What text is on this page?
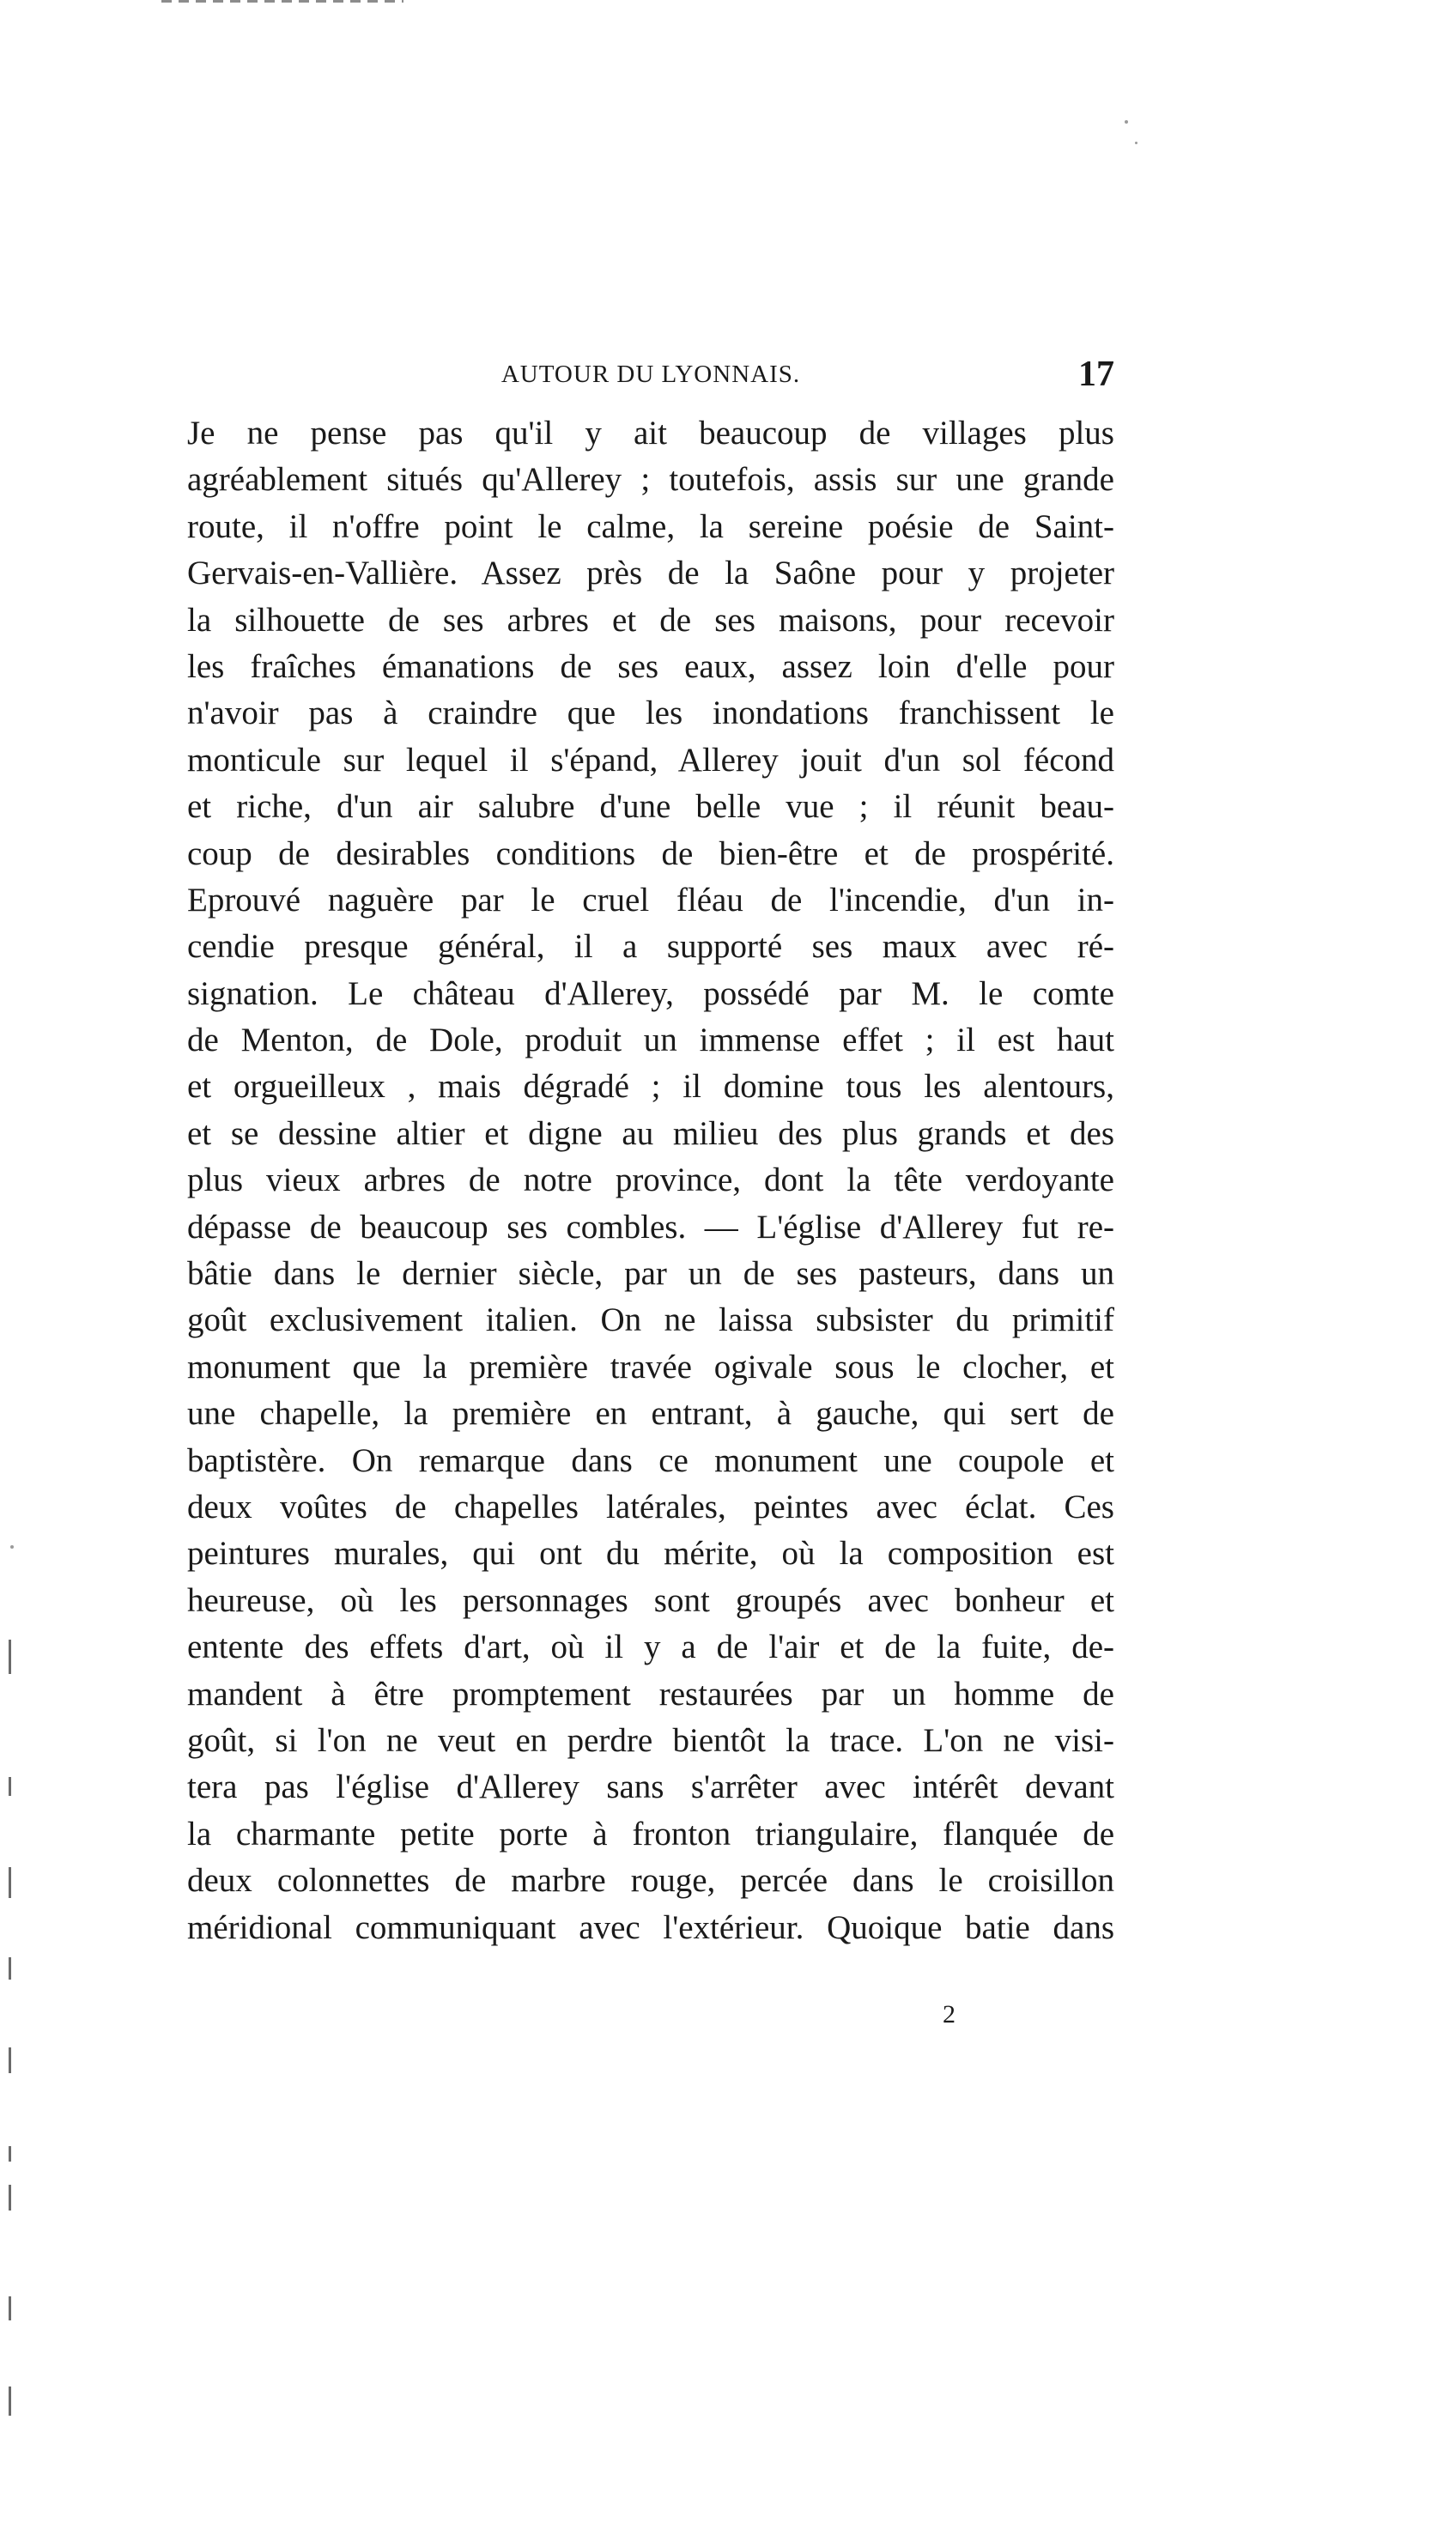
AUTOUR DU LYONNAIS.	17
Je ne pense pas qu'il y ait beaucoup de villages plus
agréablement situés qu'Allerey ; toutefois, assis sur une grande
route, il n'offre point le calme, la sereine poésie de Saint-
Gervais-en-Vallière. Assez près de la Saône pour y projeter
la silhouette de ses arbres et de ses maisons, pour recevoir
les fraîches émanations de ses eaux, assez loin d'elle pour
n'avoir pas à craindre que les inondations franchissent le
monticule sur lequel il s'épand, Allerey jouit d'un sol fécond
et riche, d'un air salubre d'une belle vue ; il réunit beau-
coup de desirables conditions de bien-être et de prospérité.
Eprouvé naguère par le cruel fléau de l'incendie, d'un in-
cendie presque général, il a supporté ses maux avec ré-
signation. Le château d'Allerey, possédé par M. le comte
de Menton, de Dole, produit un immense effet ; il est haut
et orgueilleux , mais dégradé ; il domine tous les alentours,
et se dessine altier et digne au milieu des plus grands et des
plus vieux arbres de notre province, dont la tête verdoyante
dépasse de beaucoup ses combles. — L'église d'Allerey fut re-
bâtie dans le dernier siècle, par un de ses pasteurs, dans un
goût exclusivement italien. On ne laissa subsister du primitif
monument que la première travée ogivale sous le clocher, et
une chapelle, la première en entrant, à gauche, qui sert de
baptistère. On remarque dans ce monument une coupole et
deux voûtes de chapelles latérales, peintes avec éclat. Ces
peintures murales, qui ont du mérite, où la composition est
heureuse, où les personnages sont groupés avec bonheur et
entente des effets d'art, où il y a de l'air et de la fuite, de-
mandent à être promptement restaurées par un homme de
goût, si l'on ne veut en perdre bientôt la trace. L'on ne visi-
tera pas l'église d'Allerey sans s'arrêter avec intérêt devant
la charmante petite porte à fronton triangulaire, flanquée de
deux colonnettes de marbre rouge, percée dans le croisillon
méridional communiquant avec l'extérieur. Quoique batie dans
2
